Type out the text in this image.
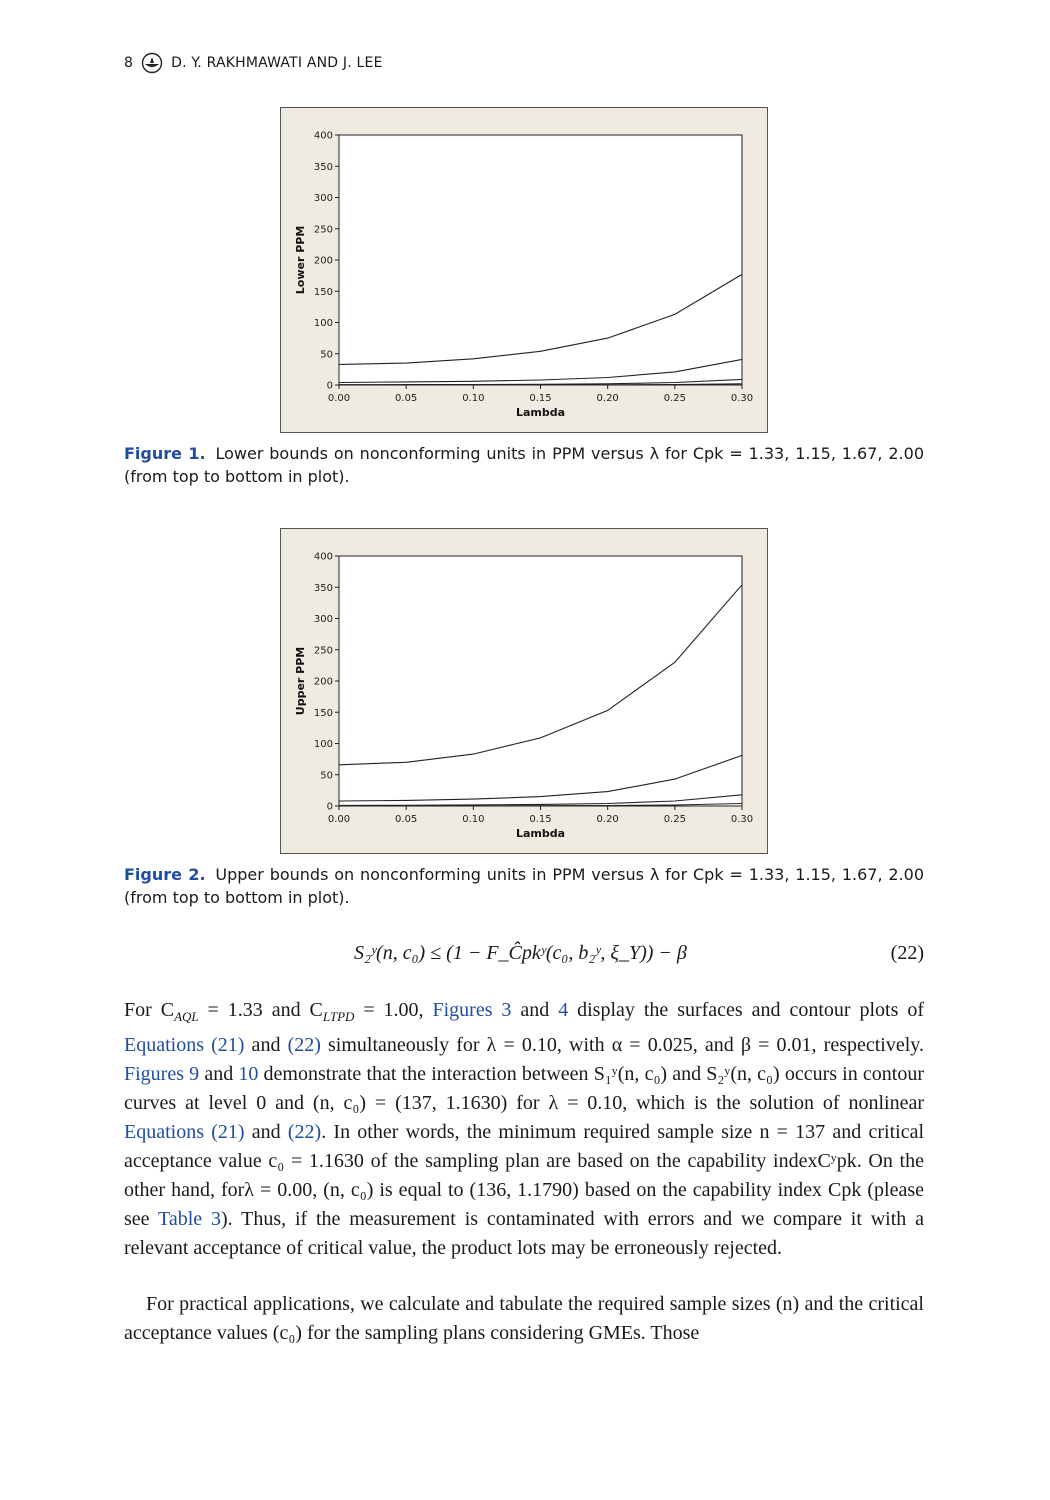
8	D. Y. RAKHMAWATI AND J. LEE
0
50
100
150
200
250
300
350
400
0.00	0.05	0.10	0.15	0.20	0.25	0.30
Lambda
Lower PPM
Figure 1. Lower bounds on nonconforming units in PPM versus λ for Cpk = 1.33, 1.15, 1.67, 2.00 (from top to bottom in plot).
0
50
100
150
200
250
300
350
400
0.00	0.05	0.10	0.15	0.20	0.25	0.30
Lambda
Upper PPM
Figure 2. Upper bounds on nonconforming units in PPM versus λ for Cpk = 1.33, 1.15, 1.67, 2.00 (from top to bottom in plot).
S₂ʸ(n, c₀) ≤ (1 − F_Ĉpkʸ(c₀, b₂ʸ, ξ_Y)) − β	(22)

For $C_{AQL} = 1.33$ and $C_{LTPD} = 1.00$, Figures 3 and 4 display the surfaces and contour plots of Equations (21) and (22) simultaneously for λ = 0.10, with α = 0.025, and β = 0.01, respectively. Figures 9 and 10 demonstrate that the interaction between S₁ʸ(n, c₀) and S₂ʸ(n, c₀) occurs in contour curves at level 0 and (n, c₀) = (137, 1.1630) for λ = 0.10, which is the solution of nonlinear Equations (21) and (22). In other words, the minimum required sample size n = 137 and critical acceptance value c₀ = 1.1630 of the sampling plan are based on the capability indexCʸpk. On the other hand, forλ = 0.00, (n, c₀) is equal to (136, 1.1790) based on the capability index Cpk (please see Table 3). Thus, if the measurement is contaminated with errors and we compare it with a relevant acceptance of critical value, the product lots may be erroneously rejected.

For practical applications, we calculate and tabulate the required sample sizes (n) and the critical acceptance values (c₀) for the sampling plans considering GMEs. Those
